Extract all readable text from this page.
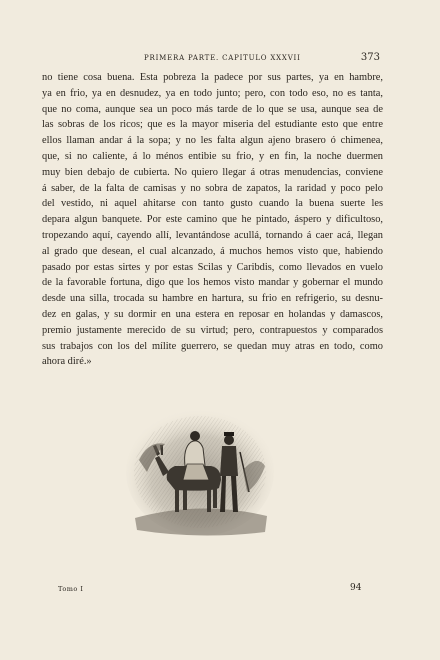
PRIMERA PARTE. CAPITULO XXXVII	373
no tiene cosa buena. Esta pobreza la padece por sus partes, ya en hambre,
ya en frio, ya en desnudez, ya en todo junto; pero, con todo eso, no es tanta,
que no coma, aunque sea un poco más tarde de lo que se usa, aunque sea de
las sobras de los ricos; que es la mayor miseria del estudiante esto que entre
ellos llaman andar á la sopa; y no les falta algun ajeno brasero ó chimenea,
que, si no caliente, á lo ménos entibie su frio, y en fin, la noche duermen
muy bien debajo de cubierta. No quiero llegar á otras menudencias, conviene
á saber, de la falta de camisas y no sobra de zapatos, la raridad y poco pelo
del vestido, ni aquel ahitarse con tanto gusto cuando la buena suerte les
depara algun banquete. Por este camino que he pintado, áspero y dificultoso,
tropezando aquí, cayendo allí, levantándose acullá, tornando á caer acá, llegan
al grado que desean, el cual alcanzado, á muchos hemos visto que, habiendo
pasado por estas sirtes y por estas Scilas y Caribdis, como llevados en vuelo
de la favorable fortuna, digo que los hemos visto mandar y gobernar el mundo
desde una silla, trocada su hambre en hartura, su frio en refrigerio, su desnu-
dez en galas, y su dormir en una estera en reposar en holandas y damascos,
premio justamente merecido de su virtud; pero, contrapuestos y comparados
sus trabajos con los del mílite guerrero, se quedan muy atras en todo, como
ahora diré.»
Tomo I	94
